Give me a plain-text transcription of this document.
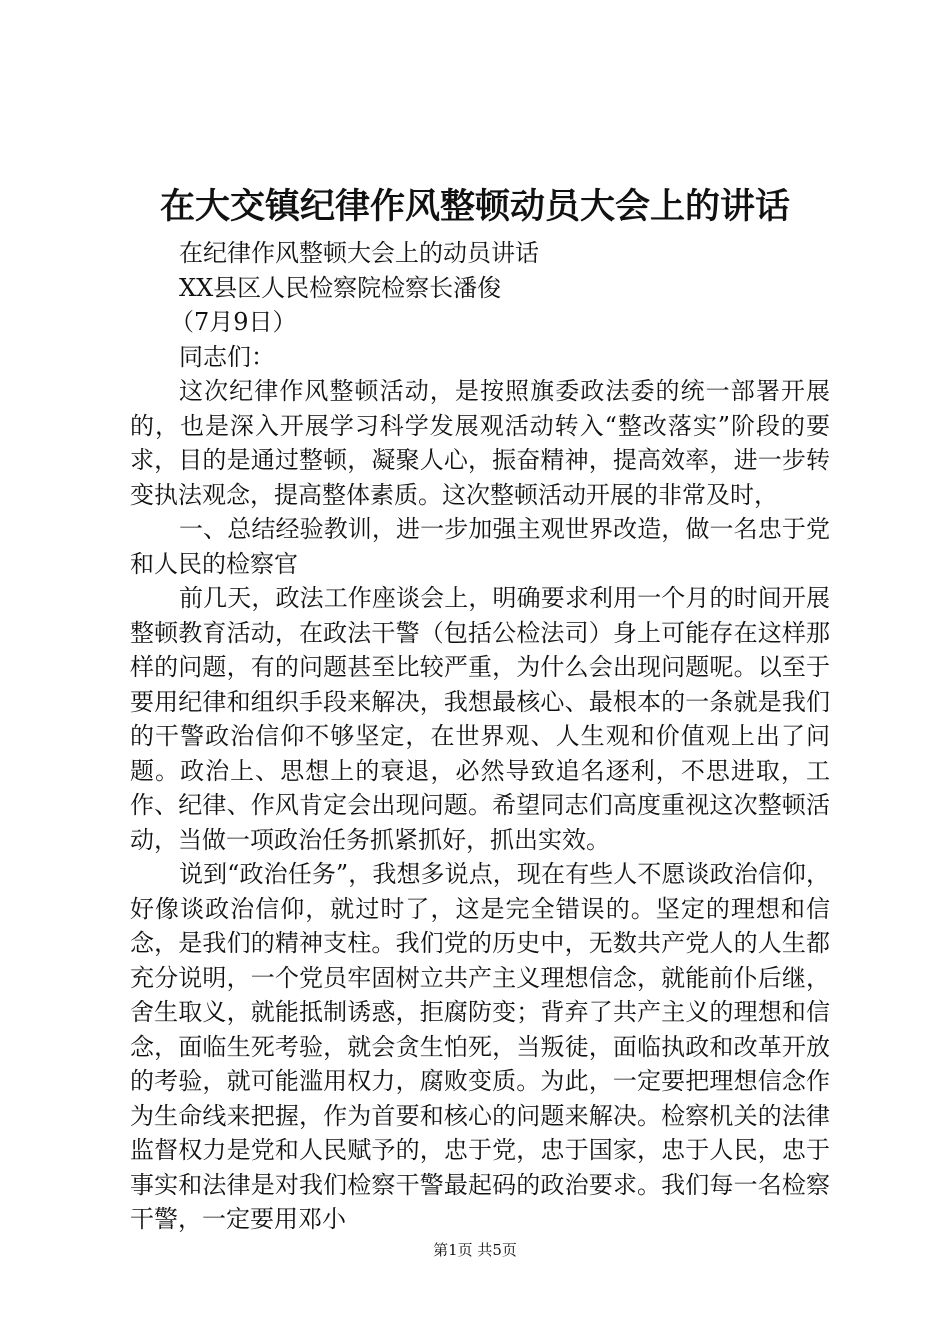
在大交镇纪律作风整顿动员大会上的讲话

在纪律作风整顿大会上的动员讲话

XX县区人民检察院检察长潘俊

（7月9日）

同志们：

这次纪律作风整顿活动，是按照旗委政法委的统一部署开展的，也是深入开展学习科学发展观活动转入“整改落实”阶段的要求，目的是通过整顿，凝聚人心，振奋精神，提高效率，进一步转变执法观念，提高整体素质。这次整顿活动开展的非常及时，

一、总结经验教训，进一步加强主观世界改造，做一名忠于党和人民的检察官

前几天，政法工作座谈会上，明确要求利用一个月的时间开展整顿教育活动，在政法干警（包括公检法司）身上可能存在这样那样的问题，有的问题甚至比较严重，为什么会出现问题呢。以至于要用纪律和组织手段来解决，我想最核心、最根本的一条就是我们的干警政治信仰不够坚定，在世界观、人生观和价值观上出了问题。政治上、思想上的衰退，必然导致追名逐利，不思进取，工作、纪律、作风肯定会出现问题。希望同志们高度重视这次整顿活动，当做一项政治任务抓紧抓好，抓出实效。

说到“政治任务”，我想多说点，现在有些人不愿谈政治信仰，好像谈政治信仰，就过时了，这是完全错误的。坚定的理想和信念，是我们的精神支柱。我们党的历史中，无数共产党人的人生都充分说明，一个党员牢固树立共产主义理想信念，就能前仆后继，舍生取义，就能抵制诱惑，拒腐防变；背弃了共产主义的理想和信念，面临生死考验，就会贪生怕死，当叛徒，面临执政和改革开放的考验，就可能滥用权力，腐败变质。为此，一定要把理想信念作为生命线来把握，作为首要和核心的问题来解决。检察机关的法律监督权力是党和人民赋予的，忠于党，忠于国家，忠于人民，忠于事实和法律是对我们检察干警最起码的政治要求。我们每一名检察干警，一定要用邓小

第1页 共5页
